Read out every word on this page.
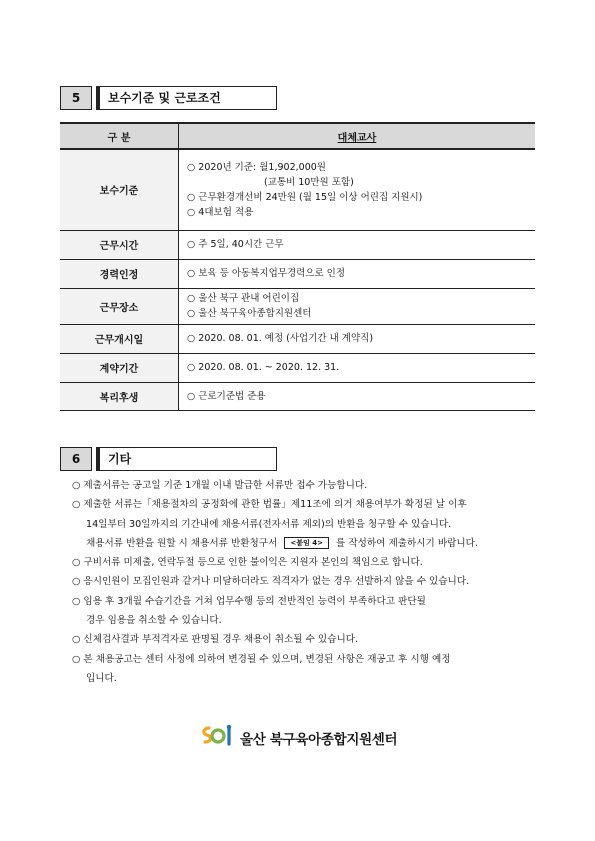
5	보수기준 및 근로조건
구 분	대체교사
보수기준	○ 2020년 기준: 월1,902,000원
(교통비 10만원 포함)
○ 근무환경개선비 24만원 (월 15일 이상 어린집 지원시)
○ 4대보험 적용

근무시간	○ 주 5일, 40시간 근무

경력인정	○ 보육 등 아동복지업무경력으로 인정

근무장소	○ 울산 북구 관내 어린이집
○ 울산 북구육아종합지원센터

근무개시일	○ 2020. 08. 01. 예정 (사업기간 내 계약직)

계약기간	○ 2020. 08. 01. ~ 2020. 12. 31.

복리후생	○ 근로기준법 준용
6	기타
○ 제출서류는 공고일 기준 1개월 이내 발급한 서류만 접수 가능합니다.
○ 제출한 서류는「채용절차의 공정화에 관한 법률」제11조에 의거 채용여부가 확정된 날 이후
14일부터 30일까지의 기간내에 채용서류(전자서류 제외)의 반환을 청구할 수 있습니다.
채용서류 반환을 원할 시 채용서류 반환청구서 <붙임 4> 를 작성하여 제출하시기 바랍니다.
○ 구비서류 미제출, 연락두절 등으로 인한 불이익은 지원자 본인의 책임으로 합니다.
○ 응시인원이 모집인원과 같거나 미달하더라도 적격자가 없는 경우 선발하지 않을 수 있습니다.
○ 임용 후 3개월 수습기간을 거쳐 업무수행 등의 전반적인 능력이 부족하다고 판단될
경우 임용을 취소할 수 있습니다.
○ 신체검사결과 부적격자로 판명될 경우 채용이 취소될 수 있습니다.
○ 본 채용공고는 센터 사정에 의하여 변경될 수 있으며, 변경된 사항은 재공고 후 시행 예정
입니다.
울산 북구육아종합지원센터
